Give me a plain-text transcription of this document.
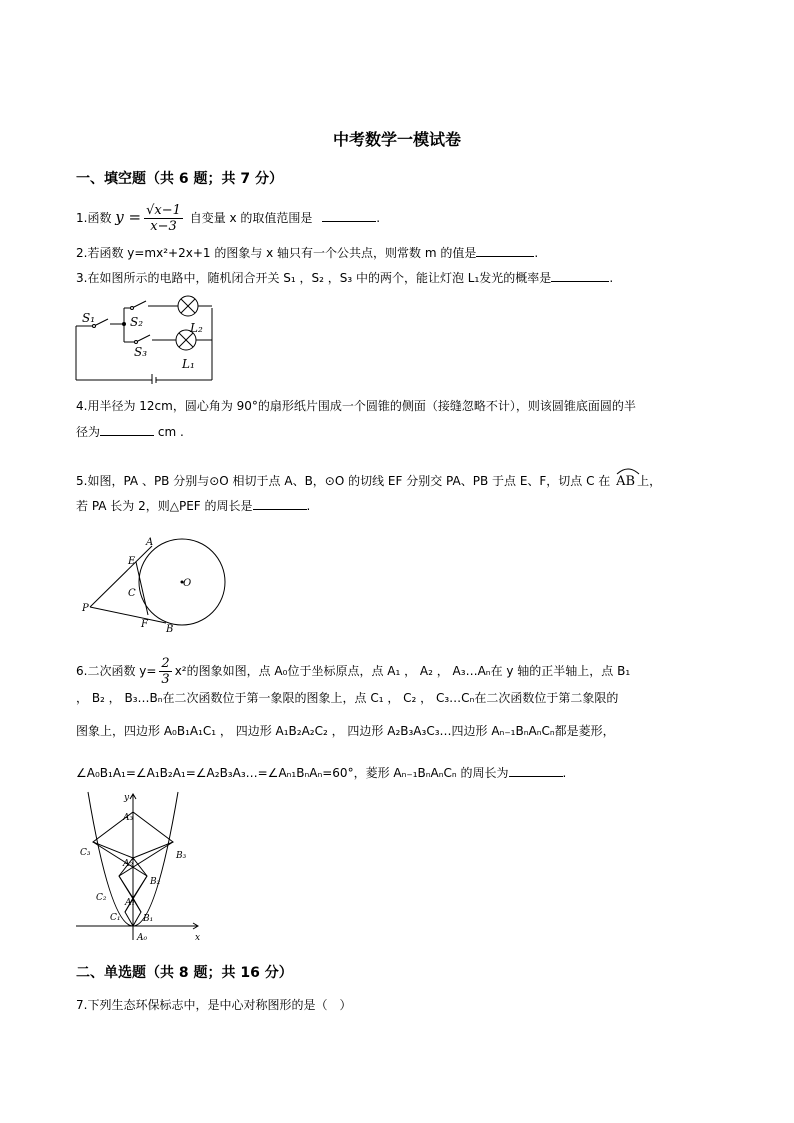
中考数学一模试卷
一、填空题（共 6 题；共 7 分）
1.函数 $y = \frac{√x-1}{x-3}$ 自变量 x 的取值范围是	.
2.若函数 y=mx²+2x+1 的图象与 x 轴只有一个公共点，则常数 m 的值是	.
3.在如图所示的电路中，随机闭合开关 S₁ ，S₂ ，S₃ 中的两个，能让灯泡 L₁发光的概率是	.
S₁	S₂
S₃
L₂
L₁
4.用半径为 12cm，圆心角为 90°的扇形纸片围成一个圆锥的侧面（接缝忽略不计），则该圆锥底面圆的半
径为	cm .
5.如图，PA 、PB 分别与⊙O 相切于点 A、B，⊙O 的切线 EF 分别交 PA、PB 于点 E、F，切点 C 在 AB 上，
若 PA 长为 2，则△PEF 的周长是	.
A
B
E
F
P
C
O
6.二次函数 $y= \frac{2}{3} x^2$的图象如图，点 A₀位于坐标原点，点 A₁ ， A₂ ， A₃…Aₙ在 y 轴的正半轴上，点 B₁
， B₂ ， B₃…Bₙ在二次函数位于第一象限的图象上，点 C₁ ， C₂ ， C₃…Cₙ在二次函数位于第二象限的
图象上，四边形 A₀B₁A₁C₁ ， 四边形 A₁B₂A₂C₂ ， 四边形 A₂B₃A₃C₃…四边形 Aₙ₋₁BₙAₙCₙ都是菱形，
∠A₀B₁A₁=∠A₁B₂A₁=∠A₂B₃A₃…=∠Aₙ₁BₙAₙ=60°，菱形 Aₙ₋₁BₙAₙCₙ 的周长为	.
y
x
A₀
A₁
A₂
A₃
B₁
B₂
B₃
C₁
C₂
C₃
二、单选题（共 8 题；共 16 分）
7.下列生态环保标志中，是中心对称图形的是（　）
